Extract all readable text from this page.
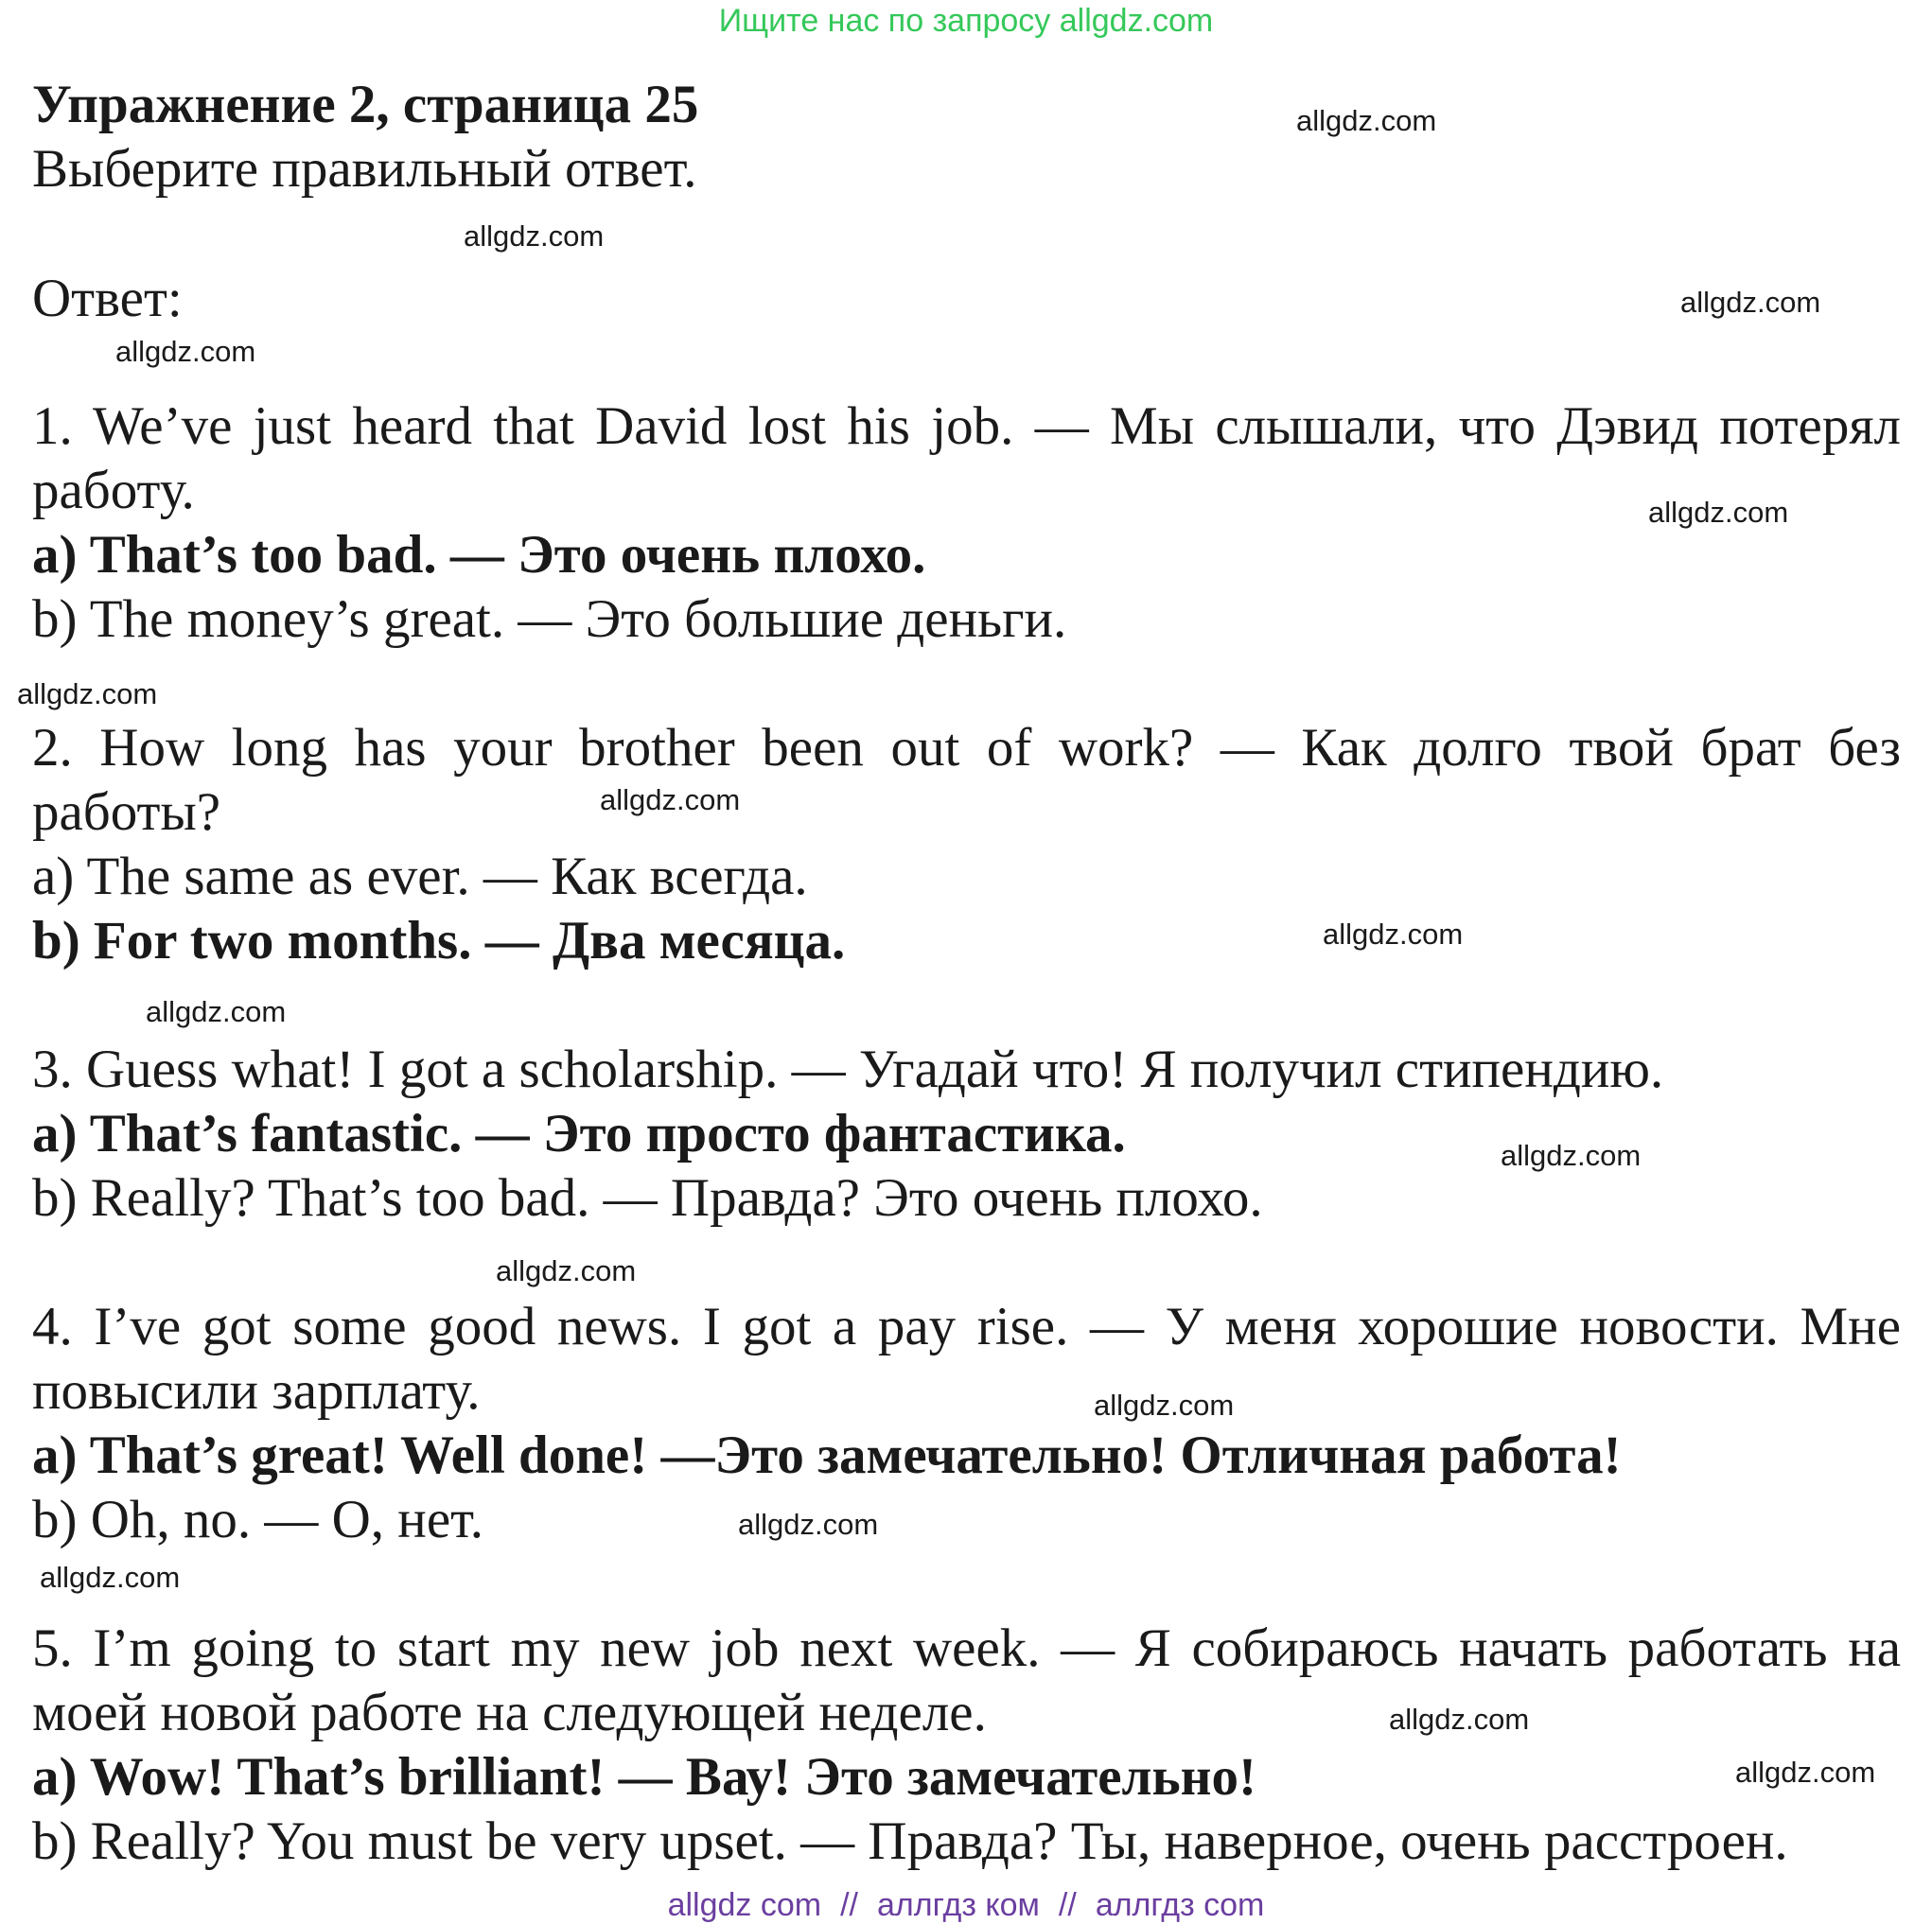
Ищите нас по запросу allgdz.com
Упражнение 2, страница 25
Выберите правильный ответ.
Ответ:
1. We’ve just heard that David lost his job. — Мы слышали, что Дэвид потерял
работу.
a) That’s too bad. — Это очень плохо.
b) The money’s great. — Это большие деньги.
2. How long has your brother been out of work? — Как долго твой брат без
работы?
a) The same as ever. — Как всегда.
b) For two months. — Два месяца.
3. Guess what! I got a scholarship. — Угадай что! Я получил стипендию.
a) That’s fantastic. — Это просто фантастика.
b) Really? That’s too bad. — Правда? Это очень плохо.
4. I’ve got some good news. I got a pay rise. — У меня хорошие новости. Мне
повысили зарплату.
a) That’s great! Well done! —Это замечательно! Отличная работа!
b) Oh, no. — О, нет.
5. I’m going to start my new job next week. — Я собираюсь начать работать на
моей новой работе на следующей неделе.
a) Wow! That’s brilliant! — Вау! Это замечательно!
b) Really? You must be very upset. — Правда? Ты, наверное, очень расстроен.
allgdz.com
allgdz.com
allgdz.com
allgdz.com
allgdz.com
allgdz.com
allgdz.com
allgdz.com
allgdz.com
allgdz.com
allgdz.com
allgdz.com
allgdz.com
allgdz.com
allgdz.com
allgdz.com
allgdz com // аллгдз ком // аллгдз com
